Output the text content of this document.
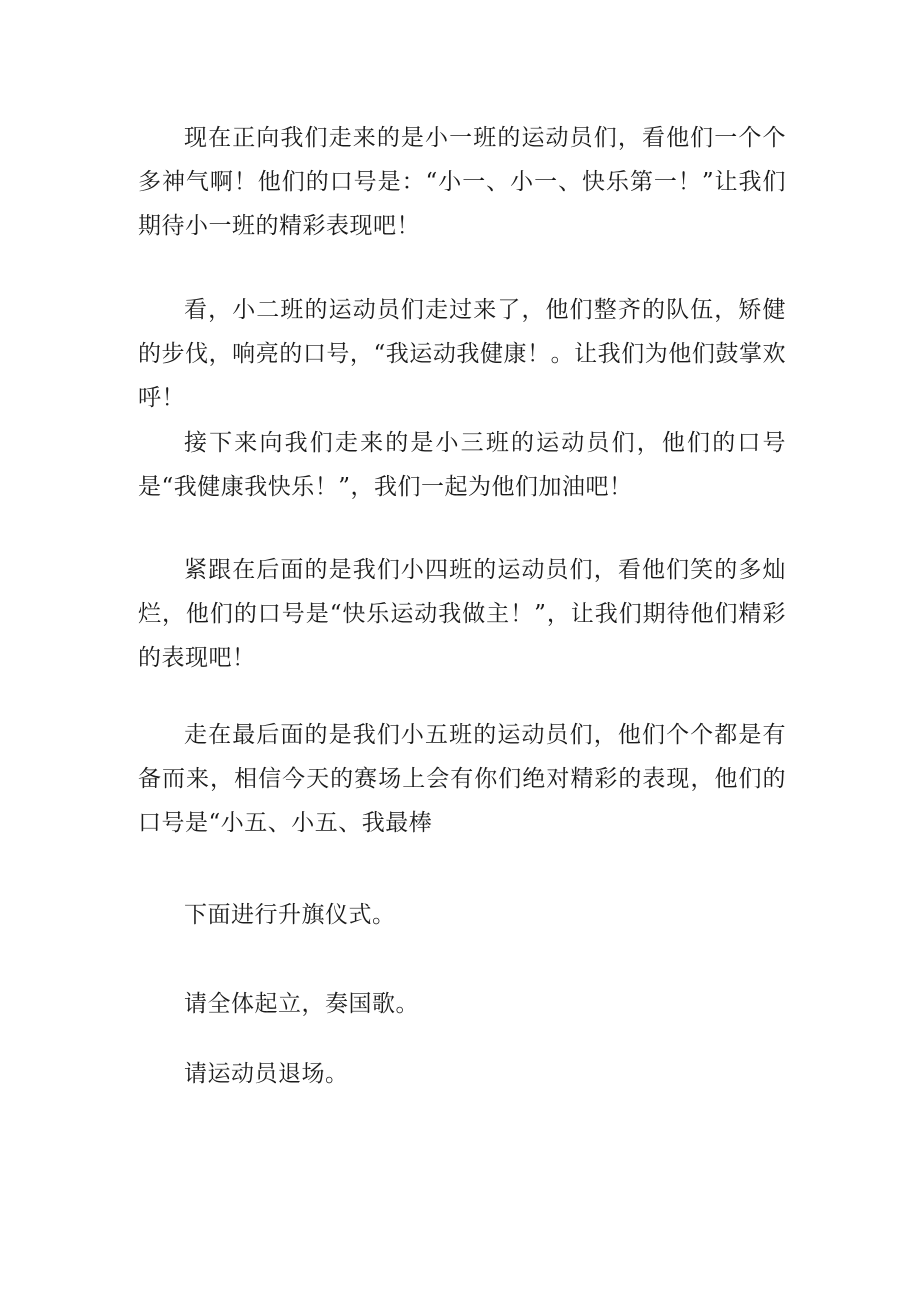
现在正向我们走来的是小一班的运动员们，看他们一个个多神气啊！他们的口号是：“小一、小一、快乐第一！”让我们期待小一班的精彩表现吧！

看，小二班的运动员们走过来了，他们整齐的队伍，矫健的步伐，响亮的口号，“我运动我健康！。让我们为他们鼓掌欢呼！

接下来向我们走来的是小三班的运动员们，他们的口号是“我健康我快乐！”，我们一起为他们加油吧！

紧跟在后面的是我们小四班的运动员们，看他们笑的多灿烂，他们的口号是“快乐运动我做主！”，让我们期待他们精彩的表现吧！

走在最后面的是我们小五班的运动员们，他们个个都是有备而来，相信今天的赛场上会有你们绝对精彩的表现，他们的口号是“小五、小五、我最棒

下面进行升旗仪式。

请全体起立，奏国歌。

请运动员退场。
